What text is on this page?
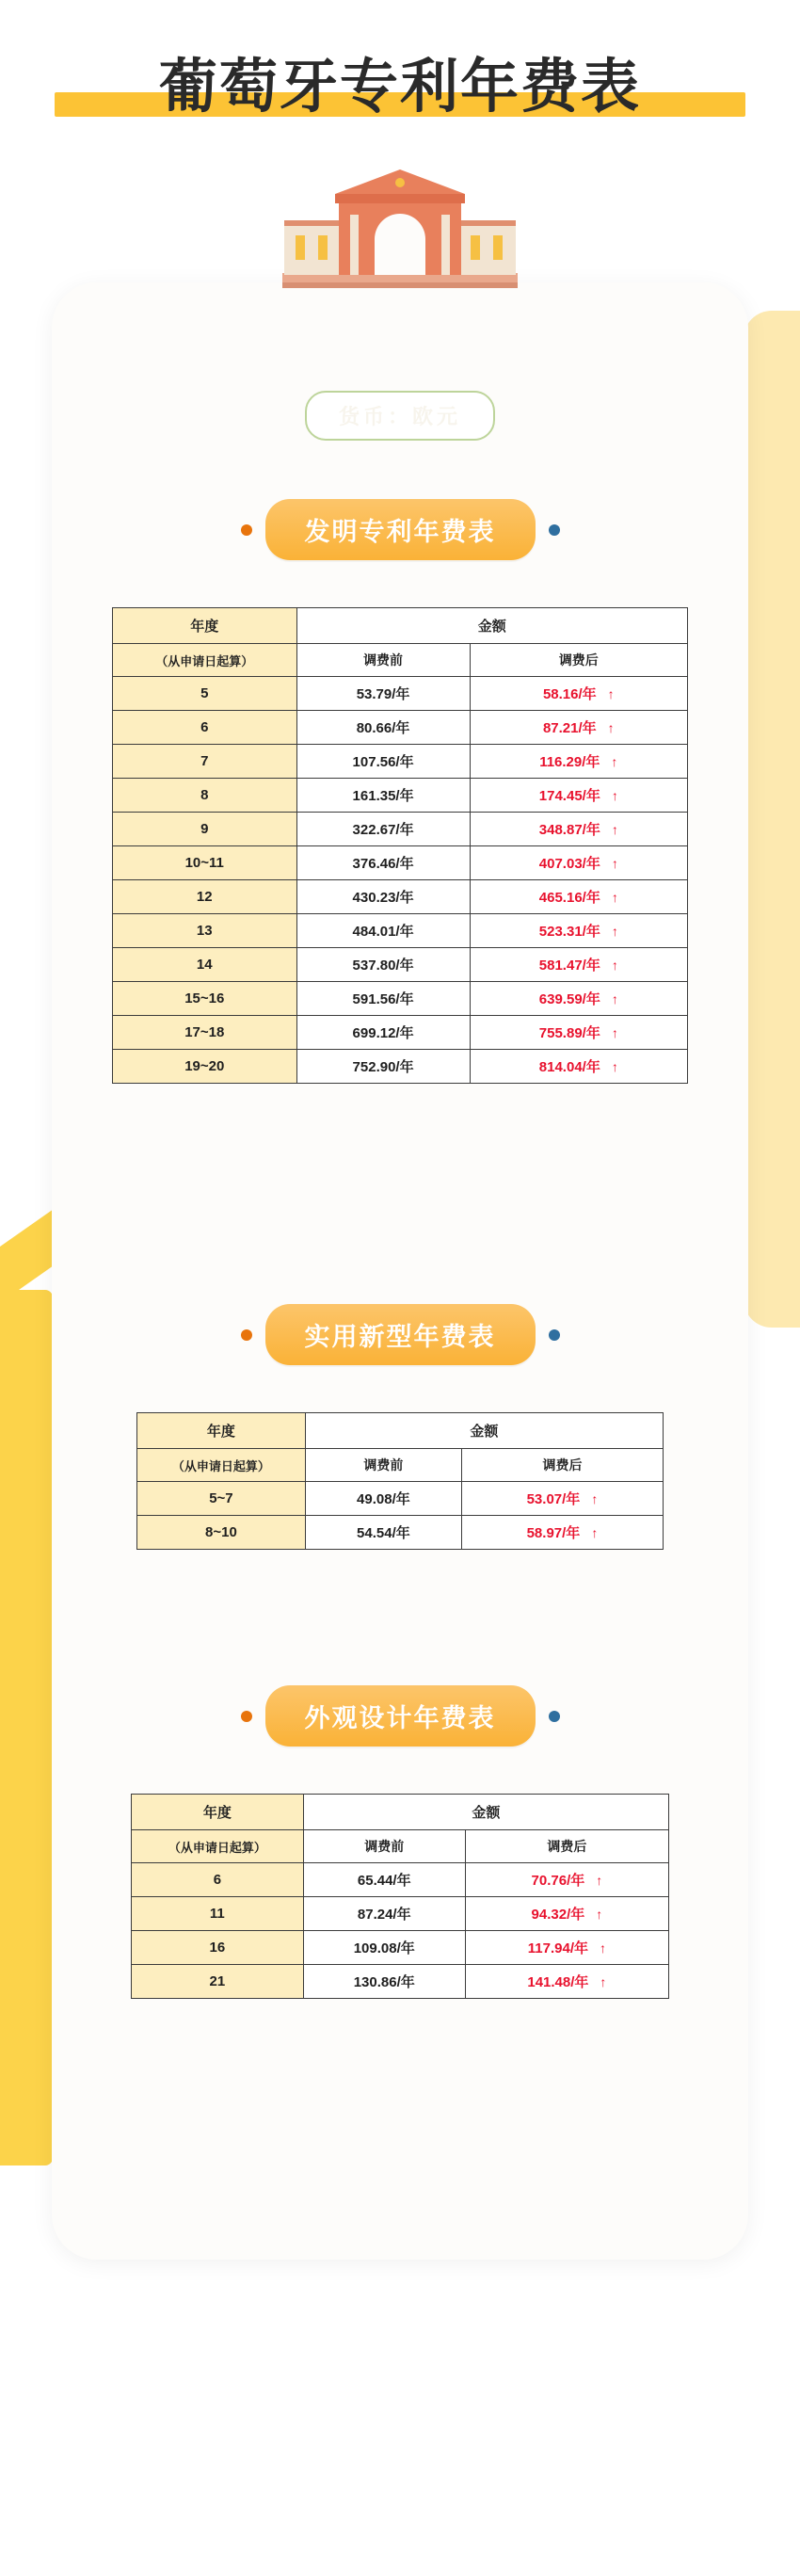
葡萄牙专利年费表
货币：欧元
发明专利年费表
年度	金额	
（从申请日起算）	调费前	调费后
5	53.79/年	58.16/年 ↑
6	80.66/年	87.21/年 ↑
7	107.56/年	116.29/年 ↑
8	161.35/年	174.45/年 ↑
9	322.67/年	348.87/年 ↑
10~11	376.46/年	407.03/年 ↑
12	430.23/年	465.16/年 ↑
13	484.01/年	523.31/年 ↑
14	537.80/年	581.47/年 ↑
15~16	591.56/年	639.59/年 ↑
17~18	699.12/年	755.89/年 ↑
19~20	752.90/年	814.04/年 ↑
实用新型年费表
年度	金额	
（从申请日起算）	调费前	调费后
5~7	49.08/年	53.07/年 ↑
8~10	54.54/年	58.97/年 ↑
外观设计年费表
年度	金额	
（从申请日起算）	调费前	调费后
6	65.44/年	70.76/年 ↑
11	87.24/年	94.32/年 ↑
16	109.08/年	117.94/年 ↑
21	130.86/年	141.48/年 ↑
